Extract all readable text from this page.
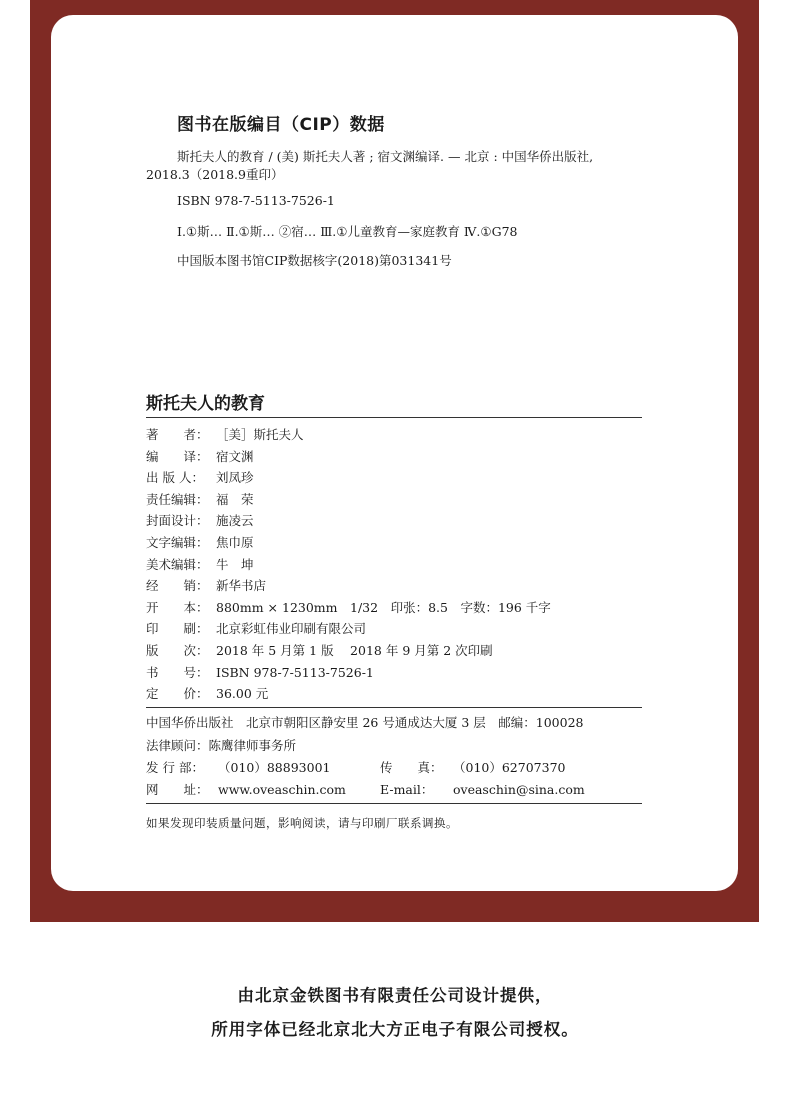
图书在版编目（CIP）数据
斯托夫人的教育 / (美) 斯托夫人著 ; 宿文渊编译. — 北京 : 中国华侨出版社,
2018.3（2018.9重印）
ISBN 978-7-5113-7526-1
Ⅰ.①斯… Ⅱ.①斯… ②宿… Ⅲ.①儿童教育—家庭教育 Ⅳ.①G78
中国版本图书馆CIP数据核字(2018)第031341号
斯托夫人的教育
著　　者： ［美］斯托夫人
编　　译： 宿文渊
出 版 人： 刘凤珍
责任编辑： 福　荣
封面设计： 施凌云
文字编辑： 焦巾原
美术编辑： 牛　坤
经　　销： 新华书店
开　　本： 880mm × 1230mm　1/32　印张：8.5　字数：196 千字
印　　刷： 北京彩虹伟业印刷有限公司
版　　次： 2018 年 5 月第 1 版　 2018 年 9 月第 2 次印刷
书　　号： ISBN 978-7-5113-7526-1
定　　价： 36.00 元
中国华侨出版社　北京市朝阳区静安里 26 号通成达大厦 3 层　邮编：100028
法律顾问：陈鹰律师事务所
发 行 部： （010）88893001	传　　真： （010）62707370
网　　址： www.oveaschin.com	E-mail： oveaschin@sina.com
如果发现印装质量问题，影响阅读，请与印刷厂联系调换。
由北京金铁图书有限责任公司设计提供，
所用字体已经北京北大方正电子有限公司授权。
